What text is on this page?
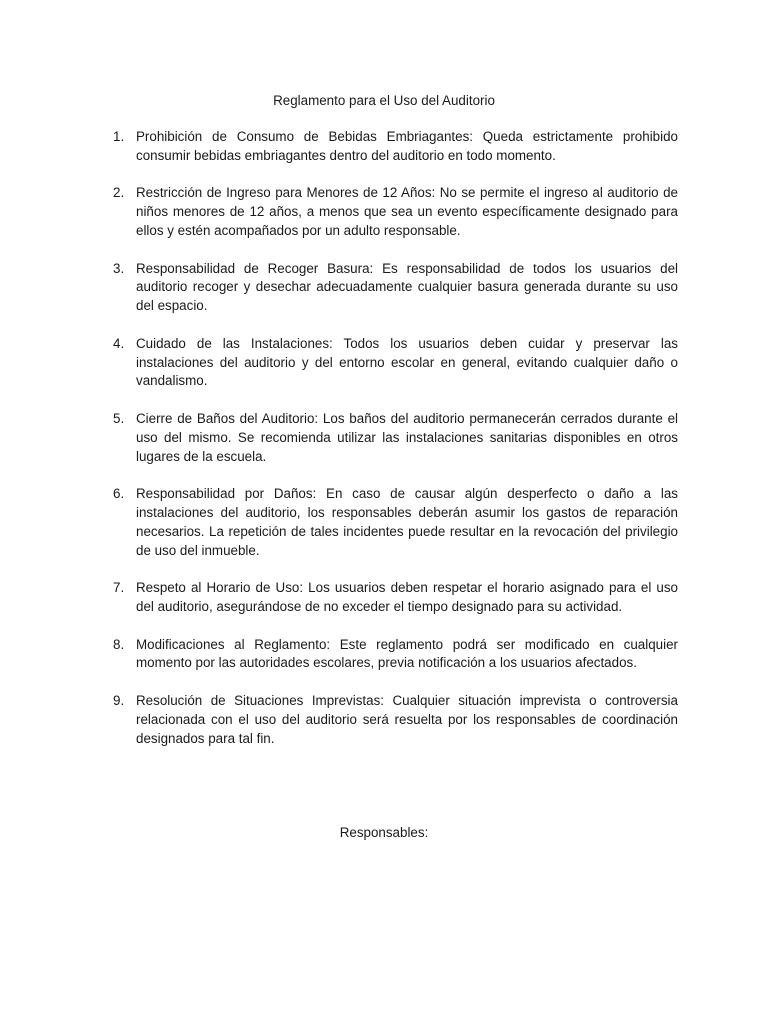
Reglamento para el Uso del Auditorio

1. Prohibición de Consumo de Bebidas Embriagantes: Queda estrictamente prohibido consumir bebidas embriagantes dentro del auditorio en todo momento.
2. Restricción de Ingreso para Menores de 12 Años: No se permite el ingreso al auditorio de niños menores de 12 años, a menos que sea un evento específicamente designado para ellos y estén acompañados por un adulto responsable.
3. Responsabilidad de Recoger Basura: Es responsabilidad de todos los usuarios del auditorio recoger y desechar adecuadamente cualquier basura generada durante su uso del espacio.
4. Cuidado de las Instalaciones: Todos los usuarios deben cuidar y preservar las instalaciones del auditorio y del entorno escolar en general, evitando cualquier daño o vandalismo.
5. Cierre de Baños del Auditorio: Los baños del auditorio permanecerán cerrados durante el uso del mismo. Se recomienda utilizar las instalaciones sanitarias disponibles en otros lugares de la escuela.
6. Responsabilidad por Daños: En caso de causar algún desperfecto o daño a las instalaciones del auditorio, los responsables deberán asumir los gastos de reparación necesarios. La repetición de tales incidentes puede resultar en la revocación del privilegio de uso del inmueble.
7. Respeto al Horario de Uso: Los usuarios deben respetar el horario asignado para el uso del auditorio, asegurándose de no exceder el tiempo designado para su actividad.
8. Modificaciones al Reglamento: Este reglamento podrá ser modificado en cualquier momento por las autoridades escolares, previa notificación a los usuarios afectados.
9. Resolución de Situaciones Imprevistas: Cualquier situación imprevista o controversia relacionada con el uso del auditorio será resuelta por los responsables de coordinación designados para tal fin.
Responsables:
